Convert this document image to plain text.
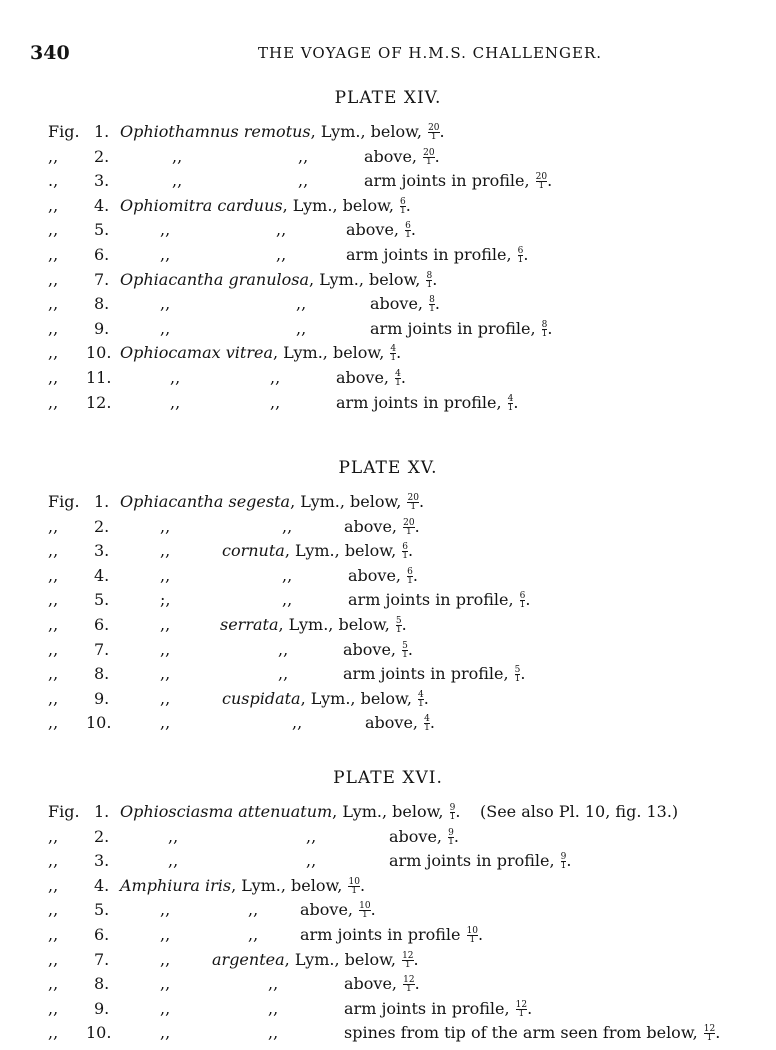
340	THE VOYAGE OF H.M.S. CHALLENGER.
PLATE XIV.
Fig. 1. Ophiothamnus remotus, Lym., below, $\frac{20}{1}$ .
,, 2.	,,	,,	above, $\frac{20}{1}$ .
., 3.	,,	,,	arm joints in profile, $\frac{20}{1}$ .
,, 4. Ophiomitra carduus, Lym., below, $\frac{6}{1}$ .
,, 5.	,,	,,	above, $\frac{6}{1}$ .
,, 6.	,,	,,	arm joints in profile, $\frac{6}{1}$ .
,, 7. Ophiacantha granulosa, Lym., below, $\frac{8}{1}$ .
,, 8.	,,	,,	above, $\frac{8}{1}$ .
,, 9.	,,	,,	arm joints in profile, $\frac{8}{1}$ .
,, 10. Ophiocamax vitrea, Lym., below, $\frac{4}{1}$ .
,, 11.	,,	,,	above, $\frac{4}{1}$ .
,, 12.	,,	,,	arm joints in profile, $\frac{4}{1}$ .
PLATE XV.
Fig. 1. Ophiacantha segesta, Lym., below, $\frac{20}{1}$ .
,, 2.	,,	,,	above, $\frac{20}{1}$ .
,, 3.	,,	cornuta, Lym., below, $\frac{6}{1}$ .
,, 4.	,,	,,	above, $\frac{6}{1}$ .
,, 5.	;,	,,	arm joints in profile, $\frac{6}{1}$ .
,, 6.	,,	serrata, Lym., below, $\frac{5}{1}$ .
,, 7.	,,	,,	above, $\frac{5}{1}$ .
,, 8.	,,	,,	arm joints in profile, $\frac{5}{1}$ .
,, 9.	,,	cuspidata, Lym., below, $\frac{4}{1}$ .
,, 10.	,,	,,	above, $\frac{4}{1}$ .
PLATE XVI.
Fig. 1. Ophiosciasma attenuatum, Lym., below, $\frac{9}{1}$ . (See also Pl. 10, fig. 13.)
,, 2.	,,	,,	above, $\frac{9}{1}$ .
,, 3.	,,	,,	arm joints in profile, $\frac{9}{1}$ .
,, 4. Amphiura iris, Lym., below, $\frac{10}{1}$ .
,, 5.	,,	,,	above, $\frac{10}{1}$ .
,, 6.	,,	,,	arm joints in profile $\frac{10}{1}$ .
,, 7.	,,	argentea, Lym., below, $\frac{12}{1}$ .
,, 8.	,,	,,	above, $\frac{12}{1}$ .
,, 9.	,,	,,	arm joints in profile, $\frac{12}{1}$ .
,, 10.	,,	,,	spines from tip of the arm seen from below, $\frac{12}{1}$ .
